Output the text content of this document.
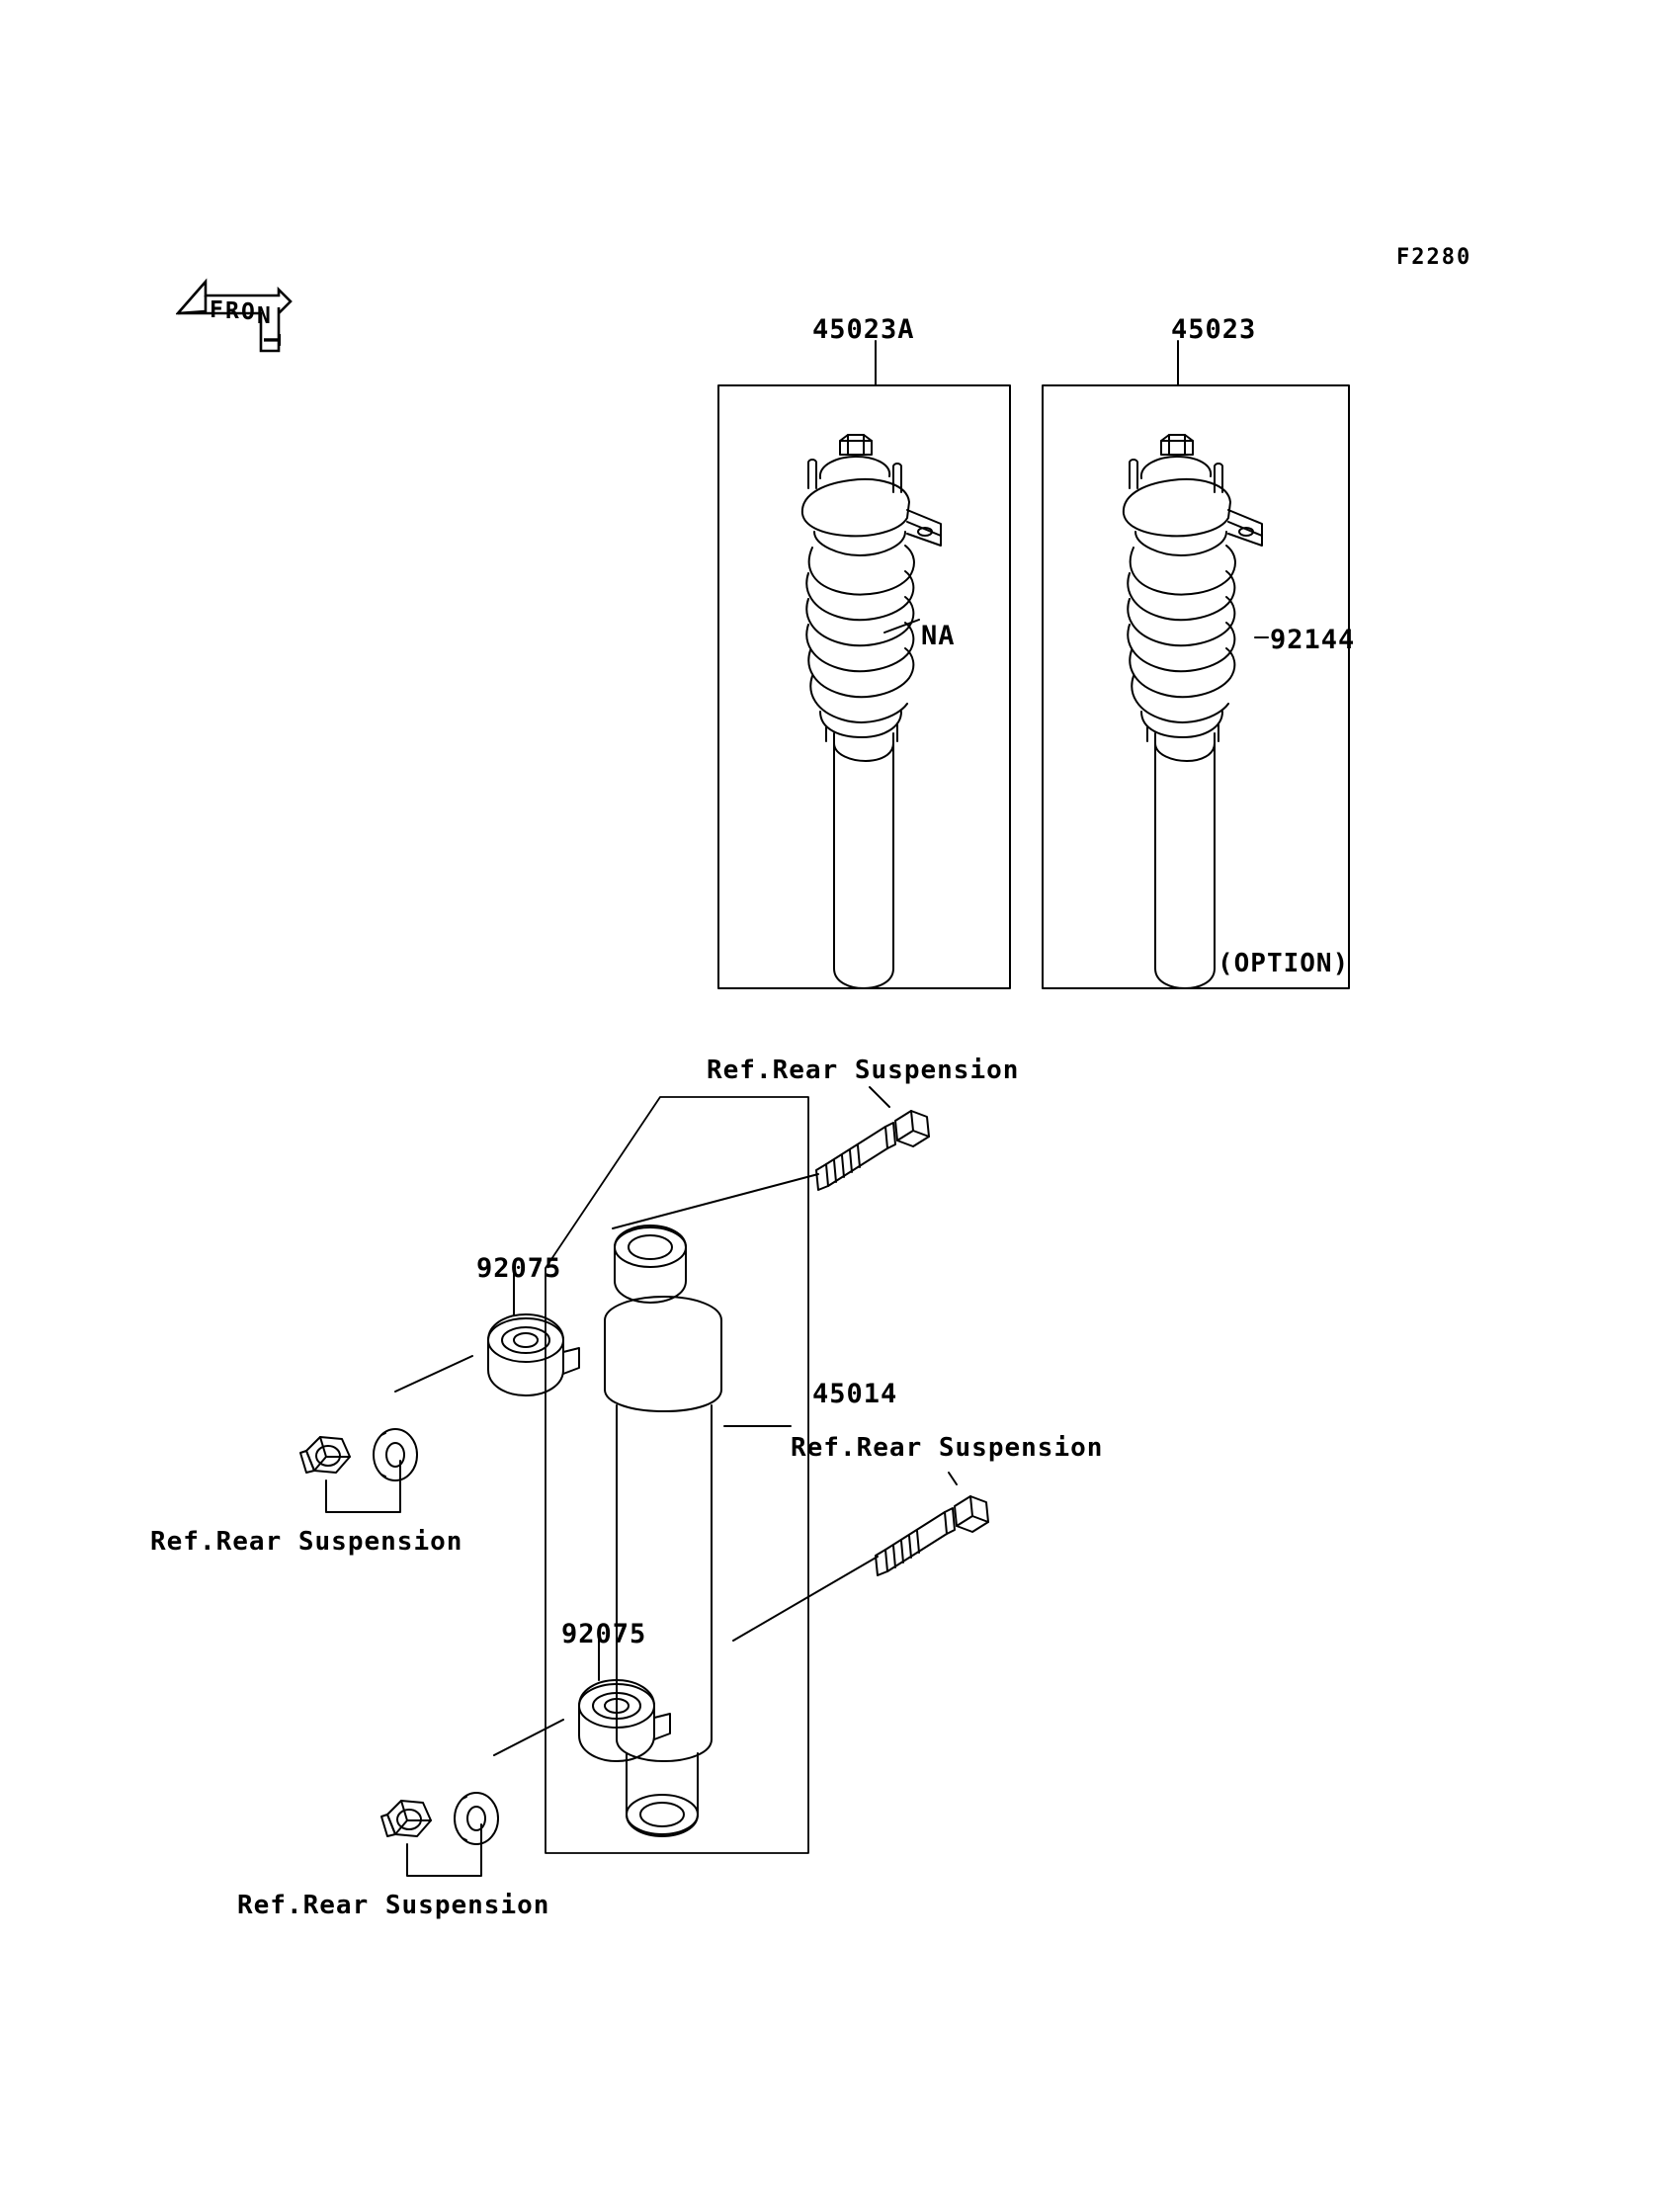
F2280
F R O N
T	45023A	45023
NA	92144
(OPTION)
Ref.Rear Suspension
92075
45014
Ref.Rear Suspension
Ref.Rear Suspension
92075
Ref.Rear Suspension
